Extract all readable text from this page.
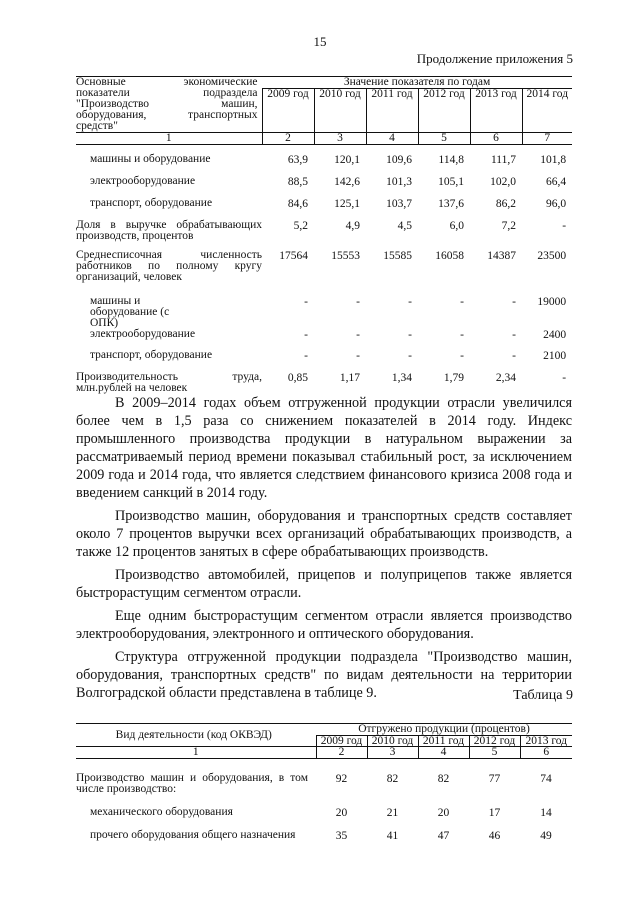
15
Продолжение приложения 5
Основные экономические показатели подраздела "Производство машин, оборудования, транспортных средств"	Значение показателя по годам					
	2009 год	2010 год	2011 год	2012 год	2013 год	2014 год
1	2	3	4	5	6	7

машины и оборудование	63,9	120,1	109,6	114,8	111,7	101,8
электрооборудование	88,5	142,6	101,3	105,1	102,0	66,4
транспорт, оборудование	84,6	125,1	103,7	137,6	86,2	96,0
Доля в выручке обрабатывающих производств, процентов	5,2	4,9	4,5	6,0	7,2	-
Среднесписочная численность работников по полному кругу организаций, человек	17564	15553	15585	16058	14387	23500
машины и оборудование (с ОПК)	-	-	-	-	-	19000
электрооборудование	-	-	-	-	-	2400
транспорт, оборудование	-	-	-	-	-	2100
Производительность труда, млн.рублей на человек	0,85	1,17	1,34	1,79	2,34	-

В 2009–2014 годах объем отгруженной продукции отрасли увеличился более чем в 1,5 раза со снижением показателей в 2014 году. Индекс промышленного производства продукции в натуральном выражении за рассматриваемый период времени показывал стабильный рост, за исключением 2009 года и 2014 года, что является следствием финансового кризиса 2008 года и введением санкций в 2014 году.

Производство машин, оборудования и транспортных средств составляет около 7 процентов выручки всех организаций обрабатывающих производств, а также 12 процентов занятых в сфере обрабатывающих производств.

Производство автомобилей, прицепов и полуприцепов также является быстрорастущим сегментом отрасли.

Еще одним быстрорастущим сегментом отрасли является производство электрооборудования, электронного и оптического оборудования.

Структура отгруженной продукции подраздела "Производство машин, оборудования, транспортных средств" по видам деятельности на территории Волгоградской области представлена в таблице 9.	Таблица 9
Вид деятельности (код ОКВЭД)	Отгружено продукции (процентов)				
	2009 год	2010 год	2011 год	2012 год	2013 год
1	2	3	4	5	6

Производство машин и оборудования, в том числе производство:	92	82	82	77	74
механического оборудования	20	21	20	17	14
прочего оборудования общего назначения	35	41	47	46	49
